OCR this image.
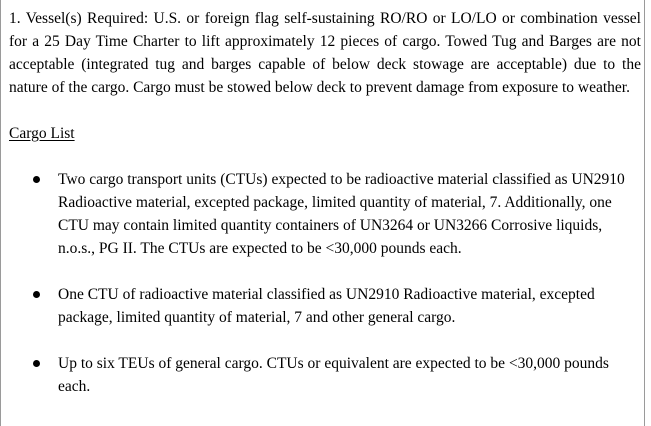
1. Vessel(s) Required: U.S. or foreign flag self-sustaining RO/RO or LO/LO or combination vessel for a 25 Day Time Charter to lift approximately 12 pieces of cargo. Towed Tug and Barges are not acceptable (integrated tug and barges capable of below deck stowage are acceptable) due to the nature of the cargo. Cargo must be stowed below deck to prevent damage from exposure to weather.

Cargo List

Two cargo transport units (CTUs) expected to be radioactive material classified as UN2910 Radioactive material, excepted package, limited quantity of material, 7. Additionally, one CTU may contain limited quantity containers of UN3264 or UN3266 Corrosive liquids, n.o.s., PG II. The CTUs are expected to be <30,000 pounds each.
One CTU of radioactive material classified as UN2910 Radioactive material, excepted package, limited quantity of material, 7 and other general cargo.
Up to six TEUs of general cargo. CTUs or equivalent are expected to be <30,000 pounds each.
